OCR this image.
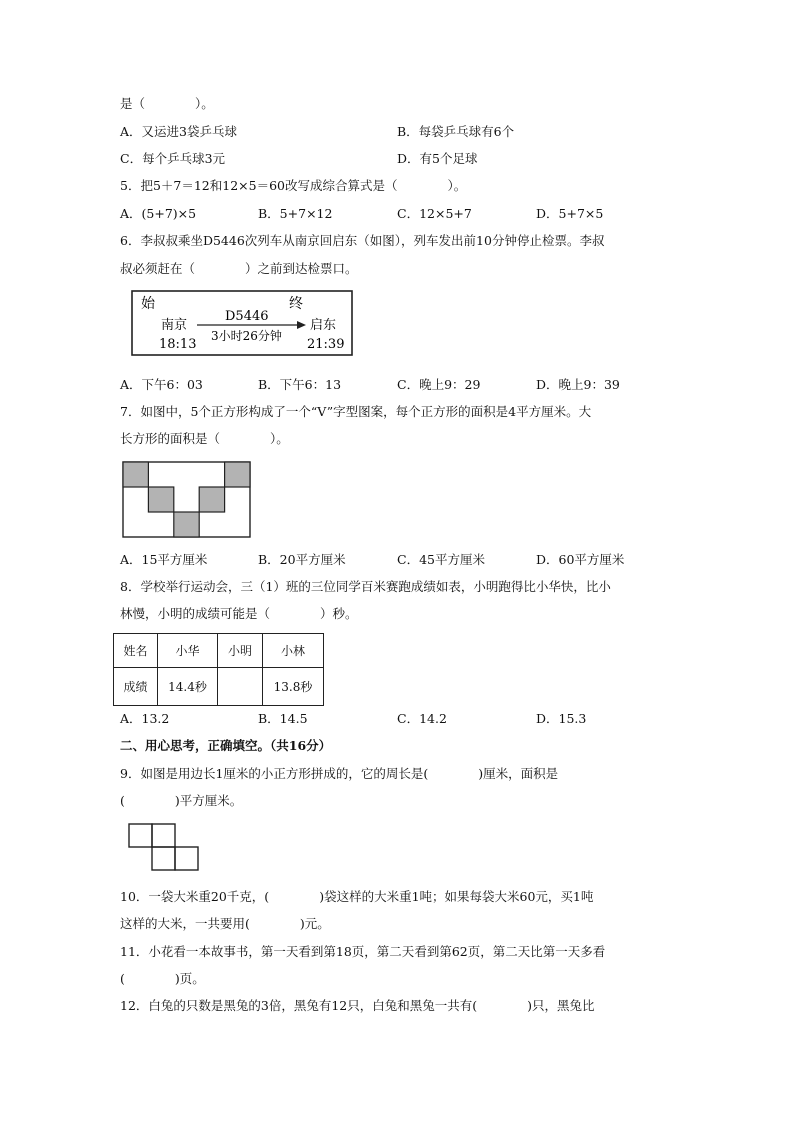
是（　　　　）。
A．又运进3袋乒乓球	B．每袋乒乓球有6个
C．每个乒乓球3元	D．有5个足球
5．把5＋7＝12和12×5＝60改写成综合算式是（　　　　）。
A．(5+7)×5	B．5+7×12	C．12×5+7	D．5+7×5
6．李叔叔乘坐D5446次列车从南京回启东（如图），列车发出前10分钟停止检票。李叔
叔必须赶在（　　　　）之前到达检票口。
始	终
南京
18:13
D5446
3小时26分钟
启东
21:39
A．下午6：03	B．下午6：13	C．晚上9：29	D．晚上9：39
7．如图中，5个正方形构成了一个“V”字型图案，每个正方形的面积是4平方厘米。大
长方形的面积是（　　　　）。
A．15平方厘米	B．20平方厘米	C．45平方厘米	D．60平方厘米
8．学校举行运动会，三（1）班的三位同学百米赛跑成绩如表，小明跑得比小华快，比小
林慢，小明的成绩可能是（　　　　）秒。
姓名	小华	小明	小林
成绩	14.4秒		13.8秒
A．13.2	B．14.5	C．14.2	D．15.3
二、用心思考，正确填空。（共16分）
9．如图是用边长1厘米的小正方形拼成的，它的周长是(　　　　)厘米，面积是
(　　　　)平方厘米。
10．一袋大米重20千克，(　　　　)袋这样的大米重1吨；如果每袋大米60元，买1吨
这样的大米，一共要用(　　　　)元。
11．小花看一本故事书，第一天看到第18页，第二天看到第62页，第二天比第一天多看
(　　　　)页。
12．白兔的只数是黑兔的3倍，黑兔有12只，白兔和黑兔一共有(　　　　)只，黑兔比
